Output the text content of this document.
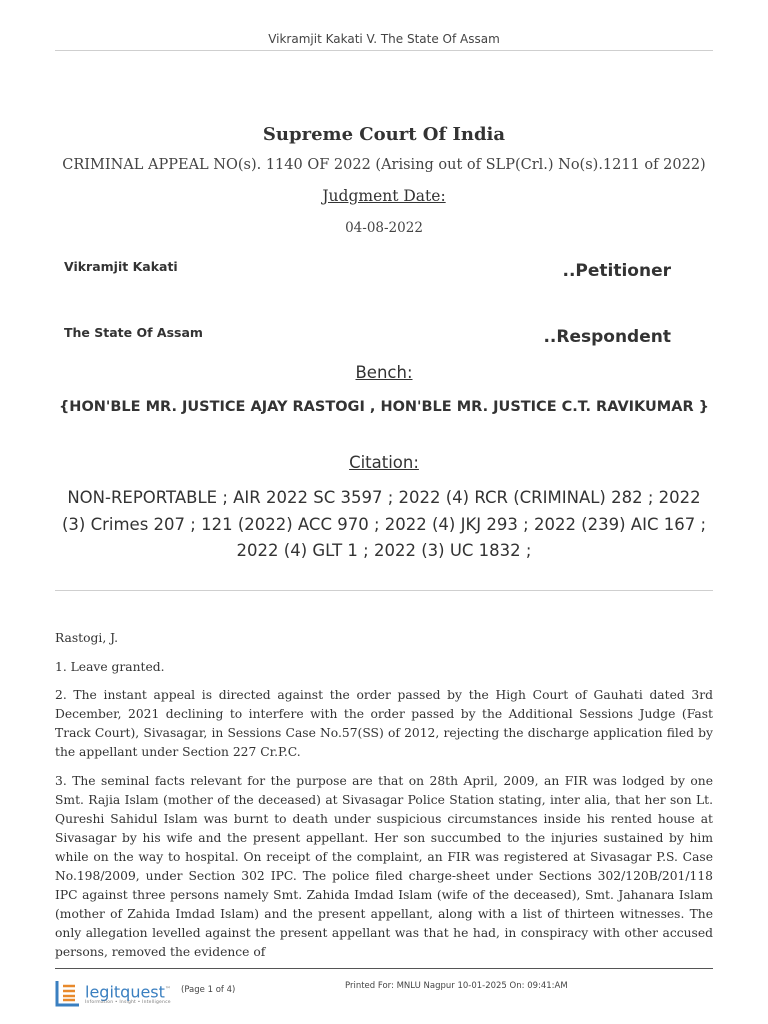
Vikramjit Kakati V. The State Of Assam
Supreme Court Of India
CRIMINAL APPEAL NO(s). 1140 OF 2022 (Arising out of SLP(Crl.) No(s).1211 of 2022)
Judgment Date:
04-08-2022
Vikramjit Kakati	..Petitioner
The State Of Assam	..Respondent
Bench:
{HON'BLE MR. JUSTICE AJAY RASTOGI , HON'BLE MR. JUSTICE C.T. RAVIKUMAR }
Citation:
NON-REPORTABLE ; AIR 2022 SC 3597 ; 2022 (4) RCR (CRIMINAL) 282 ; 2022 (3) Crimes 207 ; 121 (2022) ACC 970 ; 2022 (4) JKJ 293 ; 2022 (239) AIC 167 ; 2022 (4) GLT 1 ; 2022 (3) UC 1832 ;

Rastogi, J.

1. Leave granted.

2. The instant appeal is directed against the order passed by the High Court of Gauhati dated 3rd December, 2021 declining to interfere with the order passed by the Additional Sessions Judge (Fast Track Court), Sivasagar, in Sessions Case No.57(SS) of 2012, rejecting the discharge application filed by the appellant under Section 227 Cr.P.C.

3. The seminal facts relevant for the purpose are that on 28th April, 2009, an FIR was lodged by one Smt. Rajia Islam (mother of the deceased) at Sivasagar Police Station stating, inter alia, that her son Lt. Qureshi Sahidul Islam was burnt to death under suspicious circumstances inside his rented house at Sivasagar by his wife and the present appellant. Her son succumbed to the injuries sustained by him while on the way to hospital. On receipt of the complaint, an FIR was registered at Sivasagar P.S. Case No.198/2009, under Section 302 IPC. The police filed charge-sheet under Sections 302/120B/201/118 IPC against three persons namely Smt. Zahida Imdad Islam (wife of the deceased), Smt. Jahanara Islam (mother of Zahida Imdad Islam) and the present appellant, along with a list of thirteen witnesses. The only allegation levelled against the present appellant was that he had, in conspiracy with other accused persons, removed the evidence of

legitquest™
Information • Insight • Intelligence
(Page 1 of 4)	Printed For: MNLU Nagpur 10-01-2025 On: 09:41:AM
